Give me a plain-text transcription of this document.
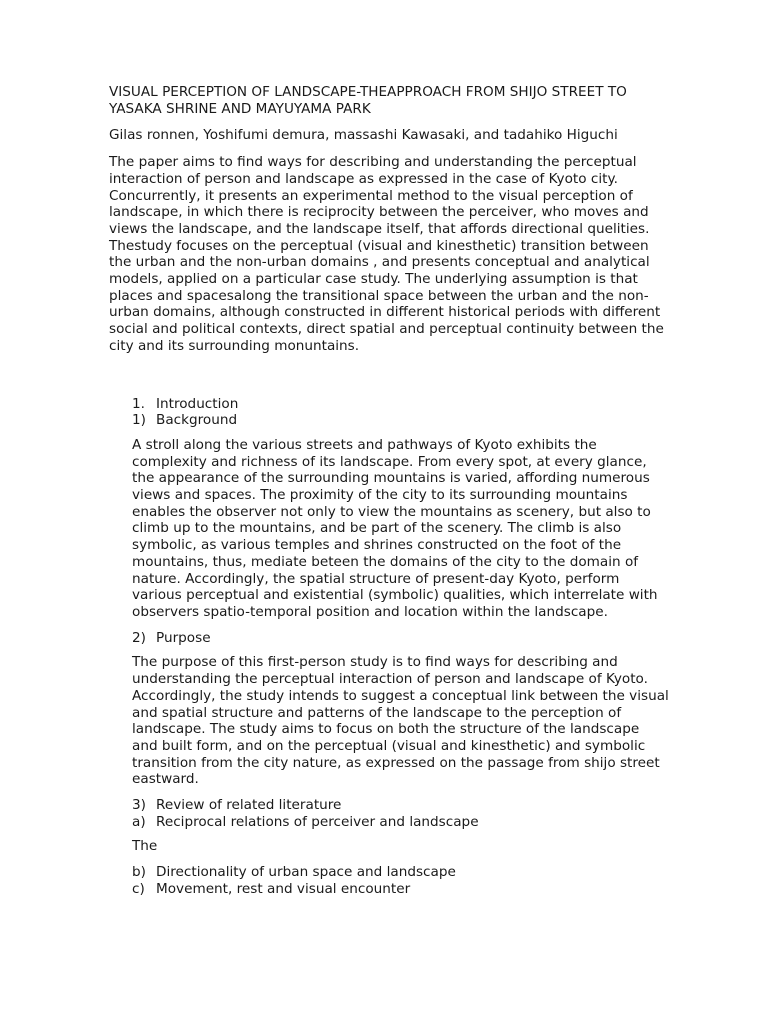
VISUAL PERCEPTION OF LANDSCAPE-THEAPPROACH FROM SHIJO STREET TO YASAKA SHRINE AND MAYUYAMA PARK

Gilas ronnen, Yoshifumi demura, massashi Kawasaki, and tadahiko Higuchi

The paper aims to find ways for describing and understanding the perceptual interaction of person and landscape as expressed in the case of Kyoto city. Concurrently, it presents an experimental method to the visual perception of landscape, in which there is reciprocity between the perceiver, who moves and views the landscape, and the landscape itself, that affords directional quelities. Thestudy focuses on the perceptual (visual and kinesthetic) transition between the urban and the non-urban domains , and presents conceptual and analytical models, applied on a particular case study. The underlying assumption is that places and spacesalong the transitional space between the urban and the non-urban domains, although constructed in different historical periods with different social and political contexts, direct spatial and perceptual continuity between the city and its surrounding monuntains.

1. Introduction
1) Background

A stroll along the various streets and pathways of Kyoto exhibits the complexity and richness of its landscape. From every spot, at every glance, the appearance of the surrounding mountains is varied, affording numerous views and spaces. The proximity of the city to its surrounding mountains enables the observer not only to view the mountains as scenery, but also to climb up to the mountains, and be part of the scenery. The climb is also symbolic, as various temples and shrines constructed on the foot of the mountains, thus, mediate beteen the domains of the city to the domain of nature. Accordingly, the spatial structure of present-day Kyoto, perform various perceptual and existential (symbolic) qualities, which interrelate with observers spatio-temporal position and location within the landscape.

2) Purpose

The purpose of this first-person study is to find ways for describing and understanding the perceptual interaction of person and landscape of Kyoto. Accordingly, the study intends to suggest a conceptual link between the visual and spatial structure and patterns of the landscape to the perception of landscape. The study aims to focus on both the structure of the landscape and built form, and on the perceptual (visual and kinesthetic) and symbolic transition from the city nature, as expressed on the passage from shijo street eastward.

3) Review of related literature
a) Reciprocal relations of perceiver and landscape

The

b) Directionality of urban space and landscape
c) Movement, rest and visual encounter
